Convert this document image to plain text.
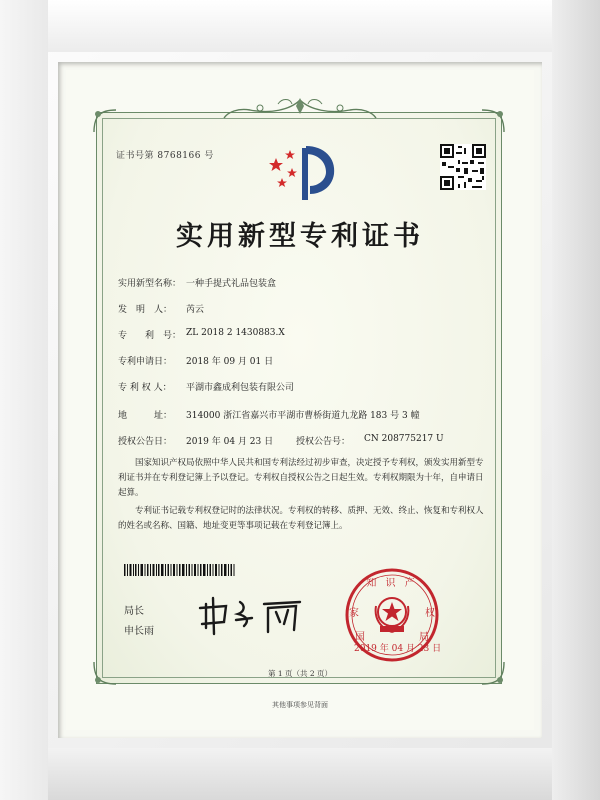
证书号第 8768166 号
实用新型专利证书
实用新型名称： 一种手提式礼品包装盒
发　明　人： 芮云
专　　利　号： ZL 2018 2 1430883.X
专利申请日： 2018 年 09 月 01 日
专 利 权 人： 平湖市鑫成利包装有限公司
地　　　址： 314000 浙江省嘉兴市平湖市曹桥街道九龙路 183 号 3 幢
授权公告日： 2019 年 04 月 23 日	授权公告号： CN 208775217 U
国家知识产权局依照中华人民共和国专利法经过初步审查，决定授予专利权，颁发实用新型专利证书并在专利登记簿上予以登记。专利权自授权公告之日起生效。专利权期限为十年，自申请日起算。
专利证书记载专利权登记时的法律状况。专利权的转移、质押、无效、终止、恢复和专利权人的姓名或名称、国籍、地址变更等事项记载在专利登记簿上。
局长
申长雨
知 识 产
家	权
国	局
2019 年 04 月 23 日
第 1 页（共 2 页）
其他事项参见背面
